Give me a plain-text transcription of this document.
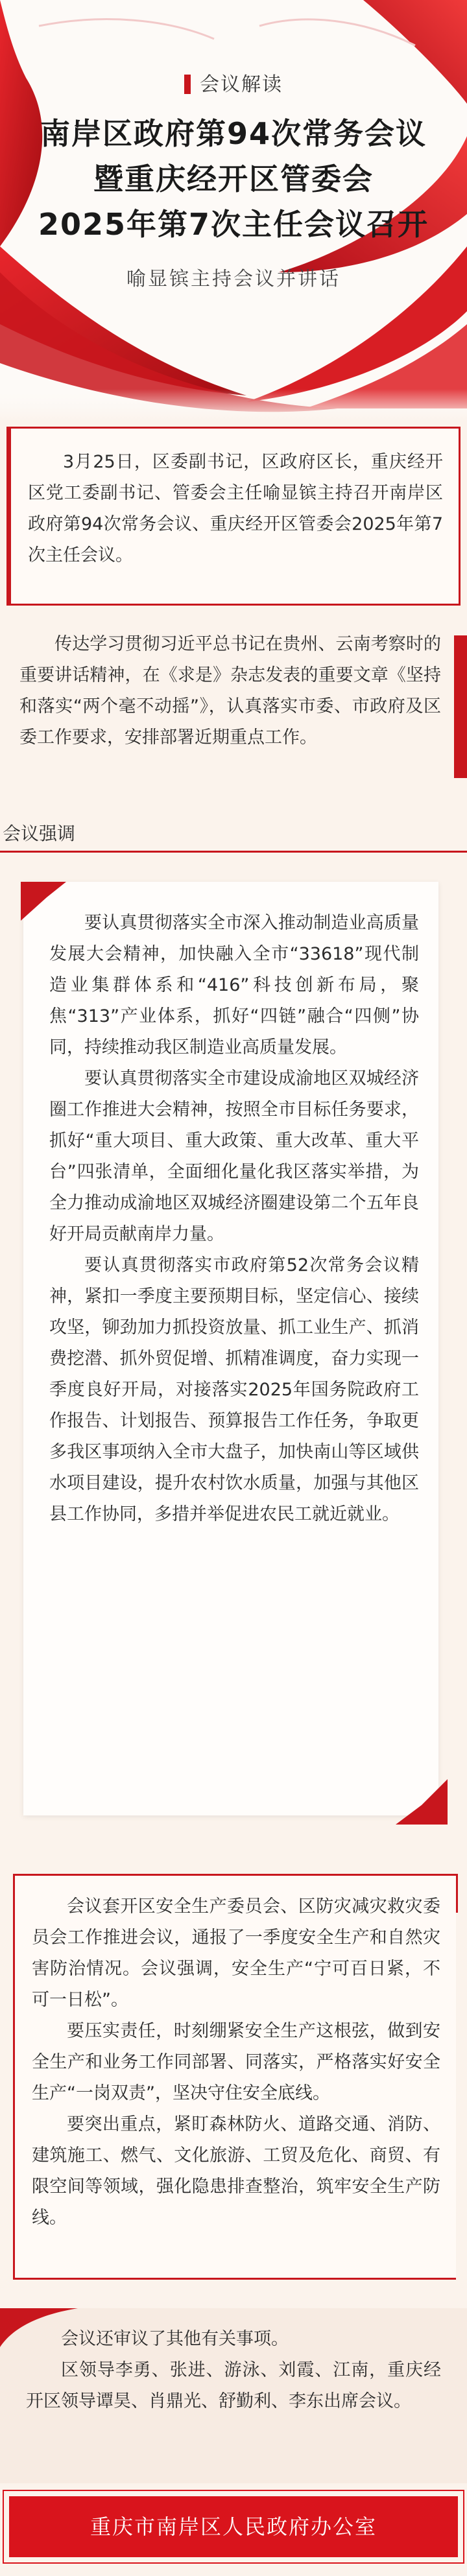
会议解读
南岸区政府第94次常务会议
暨重庆经开区管委会
2025年第7次主任会议召开
喻显镔主持会议并讲话

3月25日，区委副书记，区政府区长，重庆经开区党工委副书记、管委会主任喻显镔主持召开南岸区政府第94次常务会议、重庆经开区管委会2025年第7次主任会议。

传达学习贯彻习近平总书记在贵州、云南考察时的重要讲话精神，在《求是》杂志发表的重要文章《坚持和落实“两个毫不动摇”》，认真落实市委、市政府及区委工作要求，安排部署近期重点工作。

会议强调

要认真贯彻落实全市深入推动制造业高质量发展大会精神，加快融入全市“33618”现代制造业集群体系和“416”科技创新布局，聚焦“313”产业体系，抓好“四链”融合“四侧”协同，持续推动我区制造业高质量发展。

要认真贯彻落实全市建设成渝地区双城经济圈工作推进大会精神，按照全市目标任务要求，抓好“重大项目、重大政策、重大改革、重大平台”四张清单，全面细化量化我区落实举措，为全力推动成渝地区双城经济圈建设第二个五年良好开局贡献南岸力量。

要认真贯彻落实市政府第52次常务会议精神，紧扣一季度主要预期目标，坚定信心、接续攻坚，铆劲加力抓投资放量、抓工业生产、抓消费挖潜、抓外贸促增、抓精准调度，奋力实现一季度良好开局，对接落实2025年国务院政府工作报告、计划报告、预算报告工作任务，争取更多我区事项纳入全市大盘子，加快南山等区域供水项目建设，提升农村饮水质量，加强与其他区县工作协同，多措并举促进农民工就近就业。

会议套开区安全生产委员会、区防灾减灾救灾委员会工作推进会议，通报了一季度安全生产和自然灾害防治情况。会议强调，安全生产“宁可百日紧，不可一日松”。

要压实责任，时刻绷紧安全生产这根弦，做到安全生产和业务工作同部署、同落实，严格落实好安全生产“一岗双责”，坚决守住安全底线。

要突出重点，紧盯森林防火、道路交通、消防、建筑施工、燃气、文化旅游、工贸及危化、商贸、有限空间等领域，强化隐患排查整治，筑牢安全生产防线。

会议还审议了其他有关事项。

区领导李勇、张进、游泳、刘霞、江南，重庆经开区领导谭昊、肖鼎光、舒勤利、李东出席会议。

重庆市南岸区人民政府办公室
